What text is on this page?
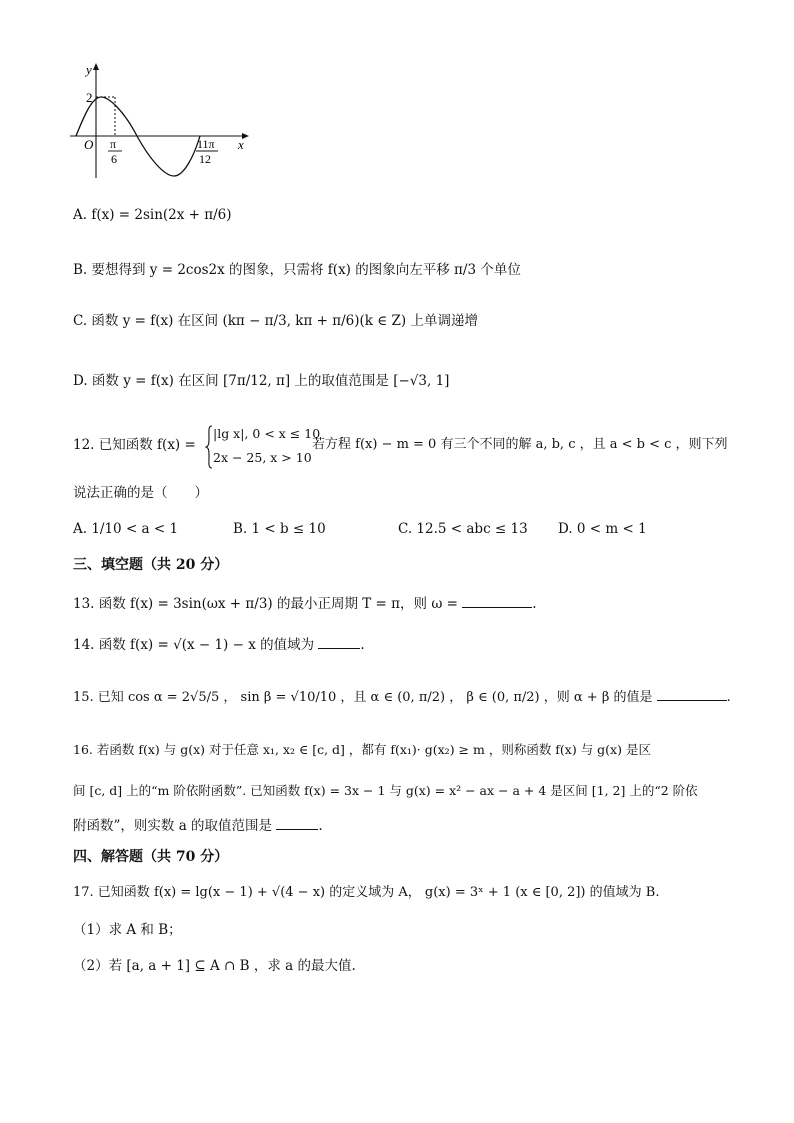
y
x
O
2
π
6
11π
12
A. f(x) = 2sin(2x + π/6)
B. 要想得到 y = 2cos2x 的图象，只需将 f(x) 的图象向左平移 π/3 个单位
C. 函数 y = f(x) 在区间 (kπ − π/3, kπ + π/6)(k ∈ Z) 上单调递增
D. 函数 y = f(x) 在区间 [7π/12, π] 上的取值范围是 [−√3, 1]
12. 已知函数 f(x) =
|lg x|, 0 < x ≤ 10
2x − 25, x > 10
若方程 f(x) − m = 0 有三个不同的解 a, b, c ，且 a < b < c ，则下列
说法正确的是（　　）
A. 1/10 < a < 1	B. 1 < b ≤ 10	C. 12.5 < abc ≤ 13 D. 0 < m < 1
三、填空题（共 20 分）
13. 函数 f(x) = 3sin(ωx + π/3) 的最小正周期 T = π，则 ω =	.
14. 函数 f(x) = √(x − 1) − x 的值域为	.
15. 已知 cos α = 2√5/5 ， sin β = √10/10 ，且 α ∈ (0, π/2) ， β ∈ (0, π/2) ，则 α + β 的值是	.
16. 若函数 f(x) 与 g(x) 对于任意 x₁, x₂ ∈ [c, d] ，都有 f(x₁)· g(x₂) ≥ m ，则称函数 f(x) 与 g(x) 是区
间 [c, d] 上的“m 阶依附函数”. 已知函数 f(x) = 3x − 1 与 g(x) = x² − ax − a + 4 是区间 [1, 2] 上的“2 阶依
附函数”，则实数 a 的取值范围是	.
四、解答题（共 70 分）
17. 已知函数 f(x) = lg(x − 1) + √(4 − x) 的定义域为 A， g(x) = 3ˣ + 1 (x ∈ [0, 2]) 的值域为 B.
（1）求 A 和 B；
（2）若 [a, a + 1] ⊆ A ∩ B ，求 a 的最大值.
